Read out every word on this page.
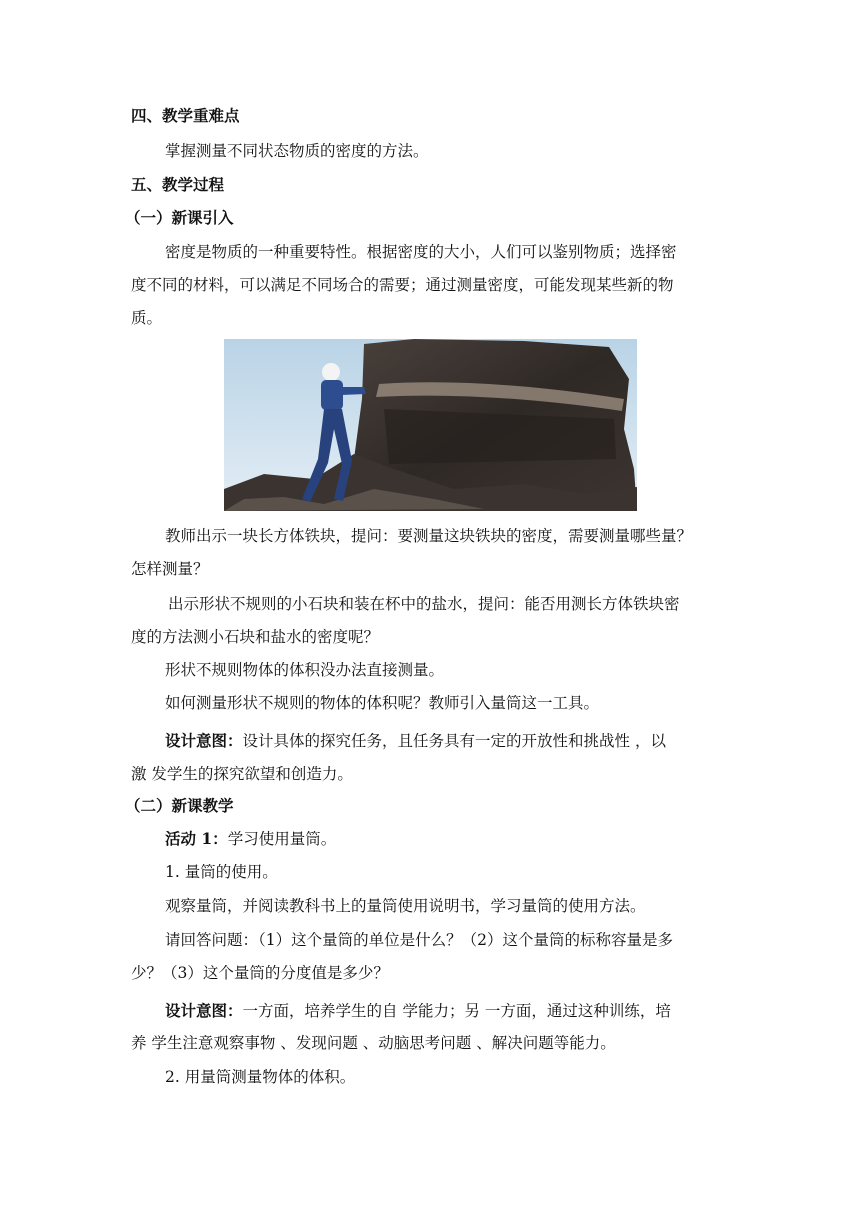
四、教学重难点
掌握测量不同状态物质的密度的方法。
五、教学过程
（一）新课引入
密度是物质的一种重要特性。根据密度的大小，人们可以鉴别物质；选择密
度不同的材料，可以满足不同场合的需要；通过测量密度，可能发现某些新的物
质。
教师出示一块长方体铁块，提问：要测量这块铁块的密度，需要测量哪些量？
怎样测量？
出示形状不规则的小石块和装在杯中的盐水，提问：能否用测长方体铁块密
度的方法测小石块和盐水的密度呢？
形状不规则物体的体积没办法直接测量。
如何测量形状不规则的物体的体积呢？教师引入量筒这一工具。
设计意图：设计具体的探究任务，且任务具有一定的开放性和挑战性 ，以
激 发学生的探究欲望和创造力。
（二）新课教学
活动 1：学习使用量筒。
1. 量筒的使用。
观察量筒，并阅读教科书上的量筒使用说明书，学习量筒的使用方法。
请回答问题：（1）这个量筒的单位是什么？（2）这个量筒的标称容量是多
少？（3）这个量筒的分度值是多少？
设计意图：一方面，培养学生的自 学能力；另 一方面，通过这种训练，培
养 学生注意观察事物 、发现问题 、动脑思考问题 、解决问题等能力。
2. 用量筒测量物体的体积。
